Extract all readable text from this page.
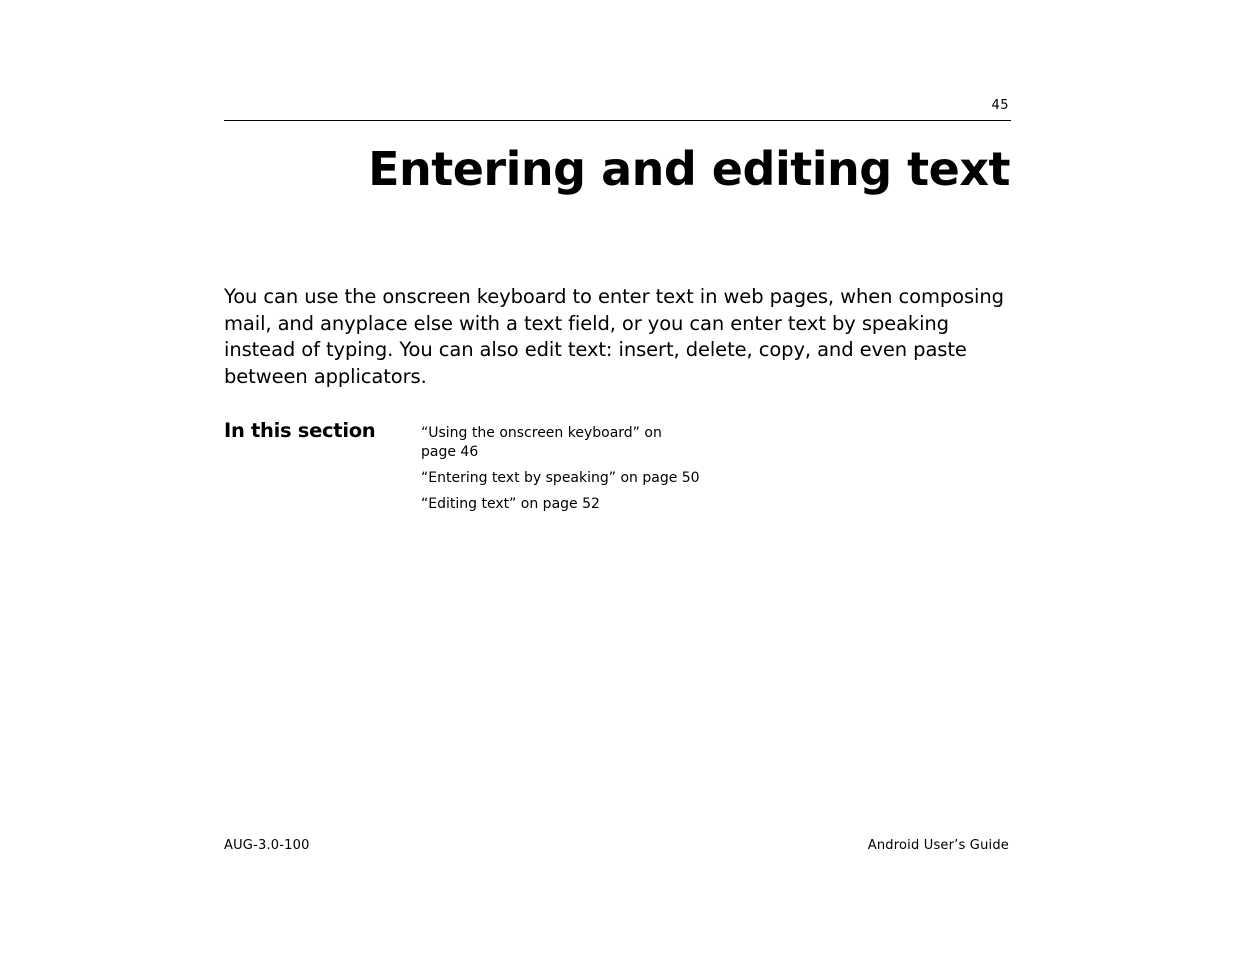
45
Entering and editing text

You can use the onscreen keyboard to enter text in web pages, when composing mail, and anyplace else with a text field, or you can enter text by speaking instead of typing. You can also edit text: insert, delete, copy, and even paste between applicators.

In this section	“Using the onscreen keyboard” on page 46
“Entering text by speaking” on page 50
“Editing text” on page 52
AUG-3.0-100	Android User’s Guide
